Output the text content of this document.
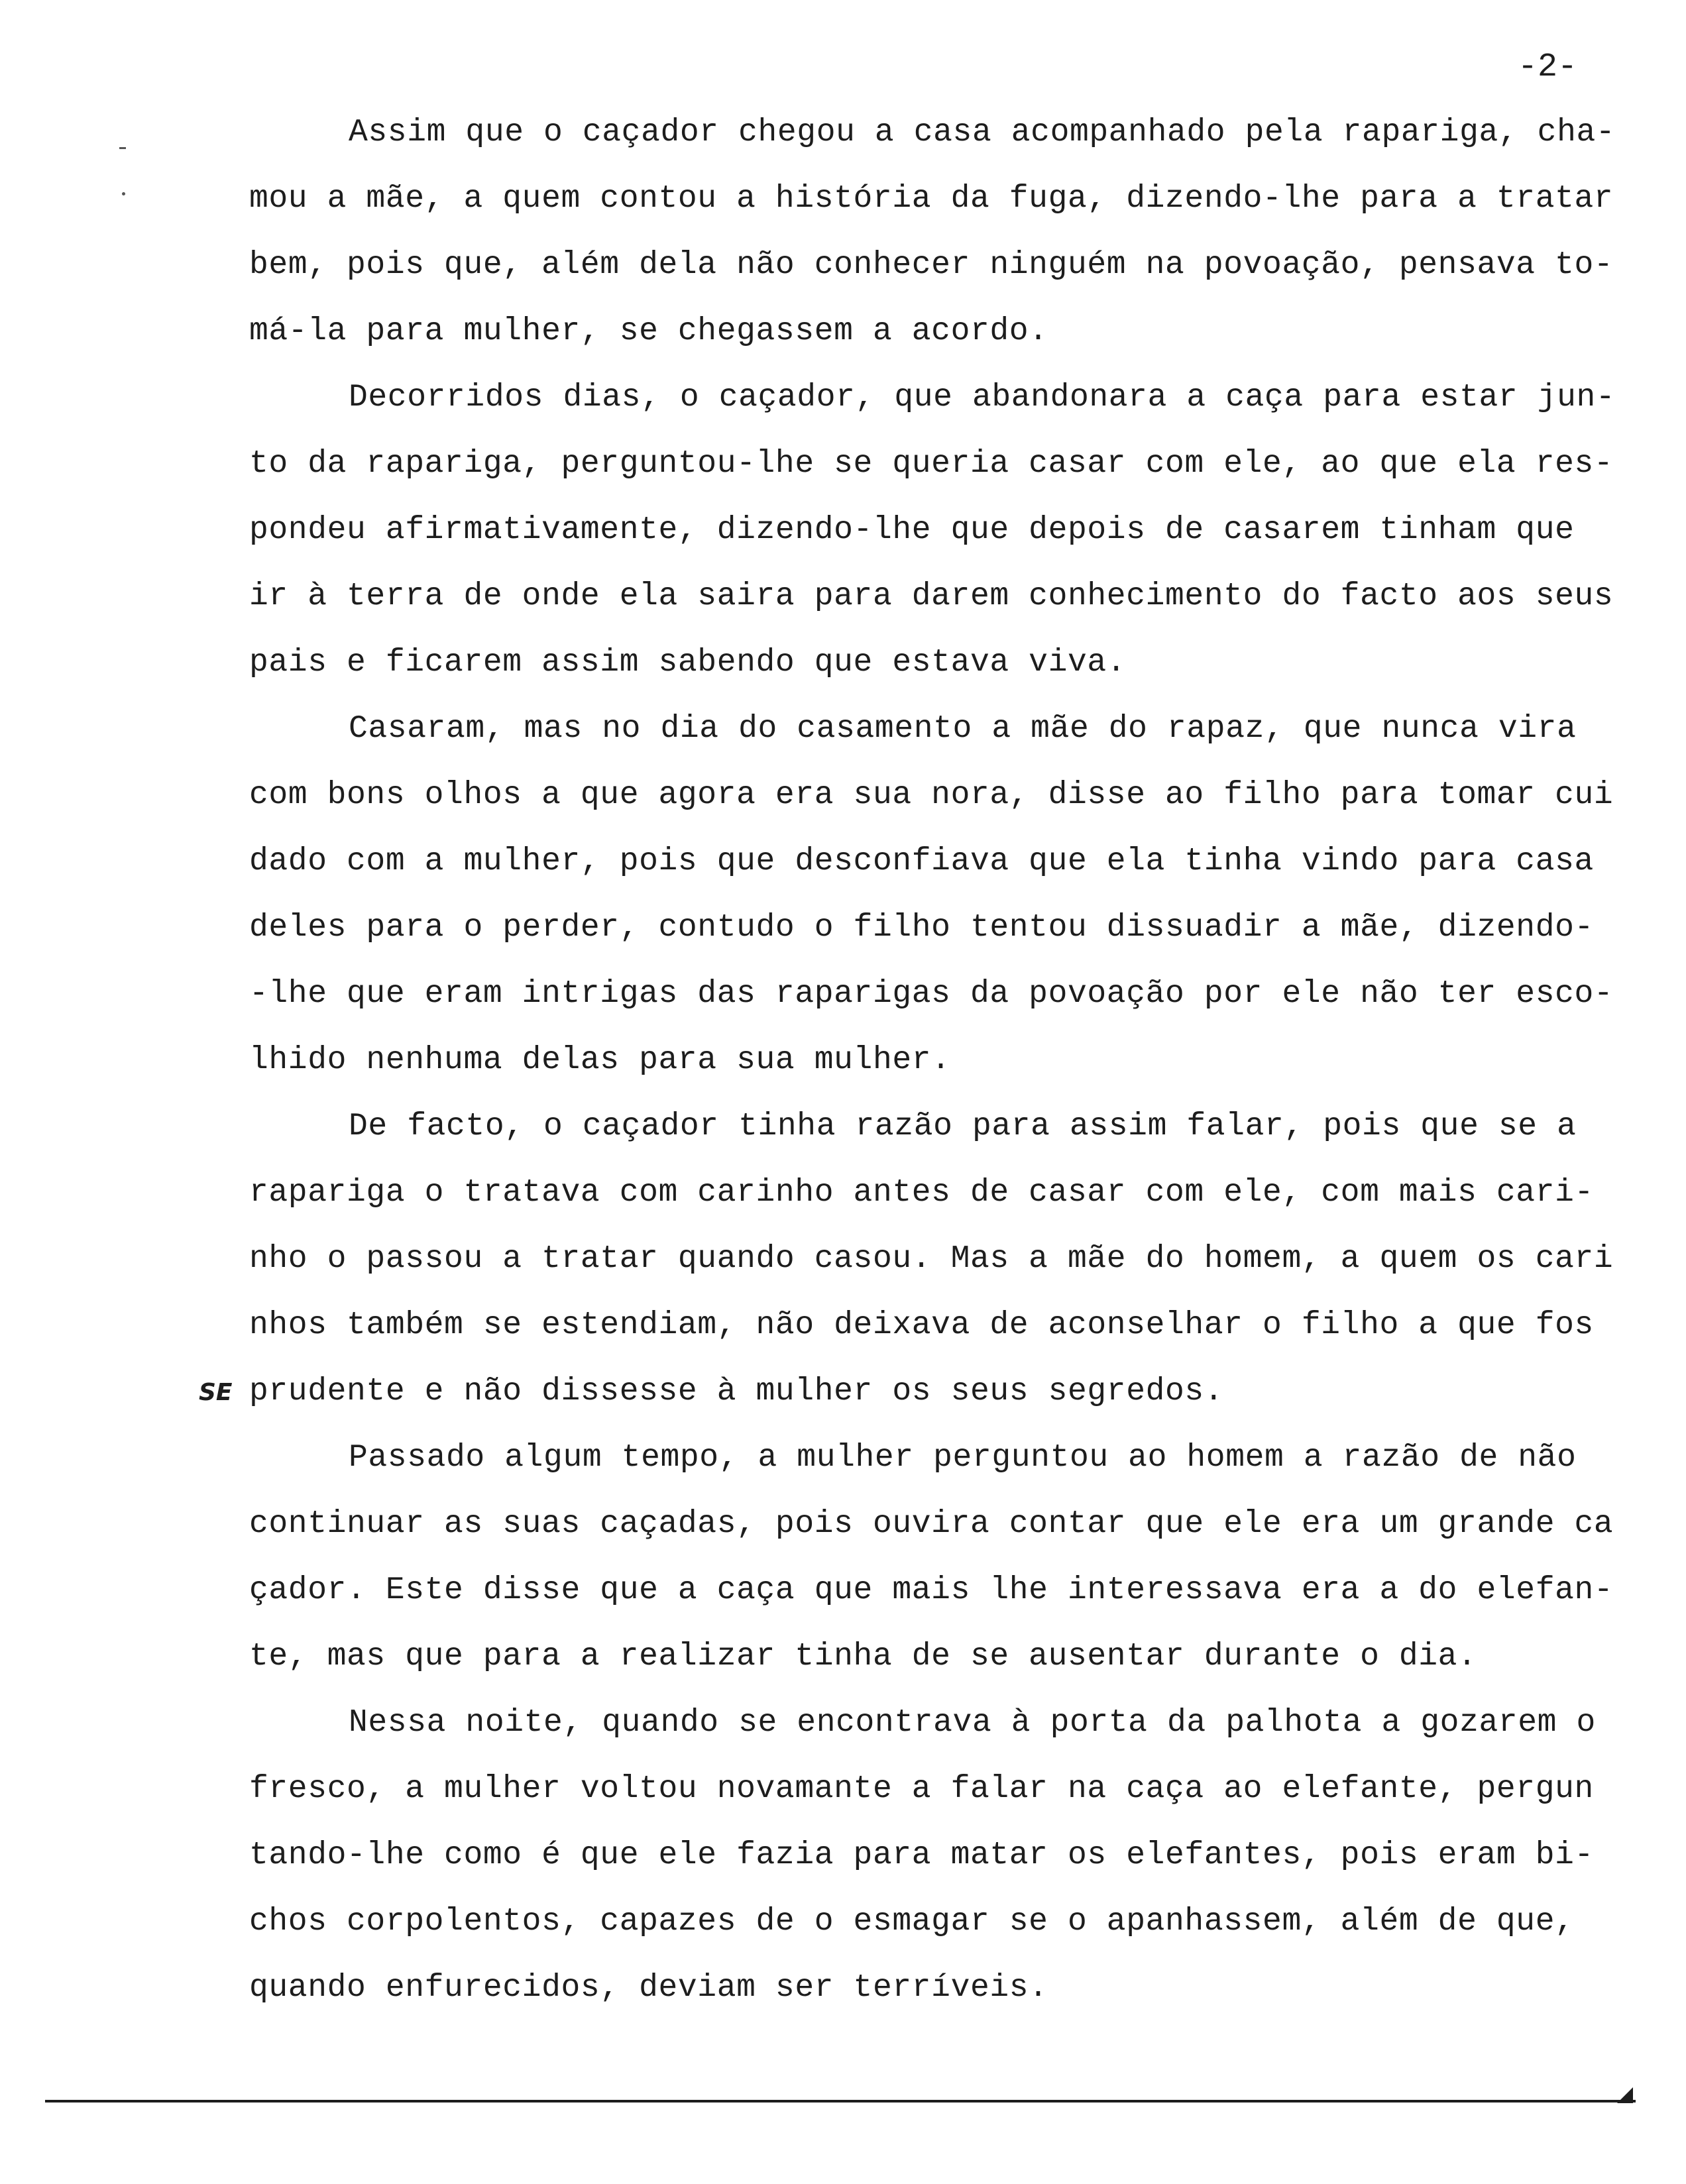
-2-
SE
Assim que o caçador chegou a casa acompanhado pela rapariga, cha-
mou a mãe, a quem contou a história da fuga, dizendo-lhe para a tratar
bem, pois que, além dela não conhecer ninguém na povoação, pensava to-
má-la para mulher, se chegassem a acordo.
Decorridos dias, o caçador, que abandonara a caça para estar jun-
to da rapariga, perguntou-lhe se queria casar com ele, ao que ela res-
pondeu afirmativamente, dizendo-lhe que depois de casarem tinham que
ir à terra de onde ela saira para darem conhecimento do facto aos seus
pais e ficarem assim sabendo que estava viva.
Casaram, mas no dia do casamento a mãe do rapaz, que nunca vira
com bons olhos a que agora era sua nora, disse ao filho para tomar cui
dado com a mulher, pois que desconfiava que ela tinha vindo para casa
deles para o perder, contudo o filho tentou dissuadir a mãe, dizendo-
-lhe que eram intrigas das raparigas da povoação por ele não ter esco-
lhido nenhuma delas para sua mulher.
De facto, o caçador tinha razão para assim falar, pois que se a
rapariga o tratava com carinho antes de casar com ele, com mais cari-
nho o passou a tratar quando casou. Mas a mãe do homem, a quem os cari
nhos também se estendiam, não deixava de aconselhar o filho a que fos
prudente e não dissesse à mulher os seus segredos.
Passado algum tempo, a mulher perguntou ao homem a razão de não
continuar as suas caçadas, pois ouvira contar que ele era um grande ca
çador. Este disse que a caça que mais lhe interessava era a do elefan-
te, mas que para a realizar tinha de se ausentar durante o dia.
Nessa noite, quando se encontrava à porta da palhota a gozarem o
fresco, a mulher voltou novamante a falar na caça ao elefante, pergun
tando-lhe como é que ele fazia para matar os elefantes, pois eram bi-
chos corpolentos, capazes de o esmagar se o apanhassem, além de que,
quando enfurecidos, deviam ser terríveis.
